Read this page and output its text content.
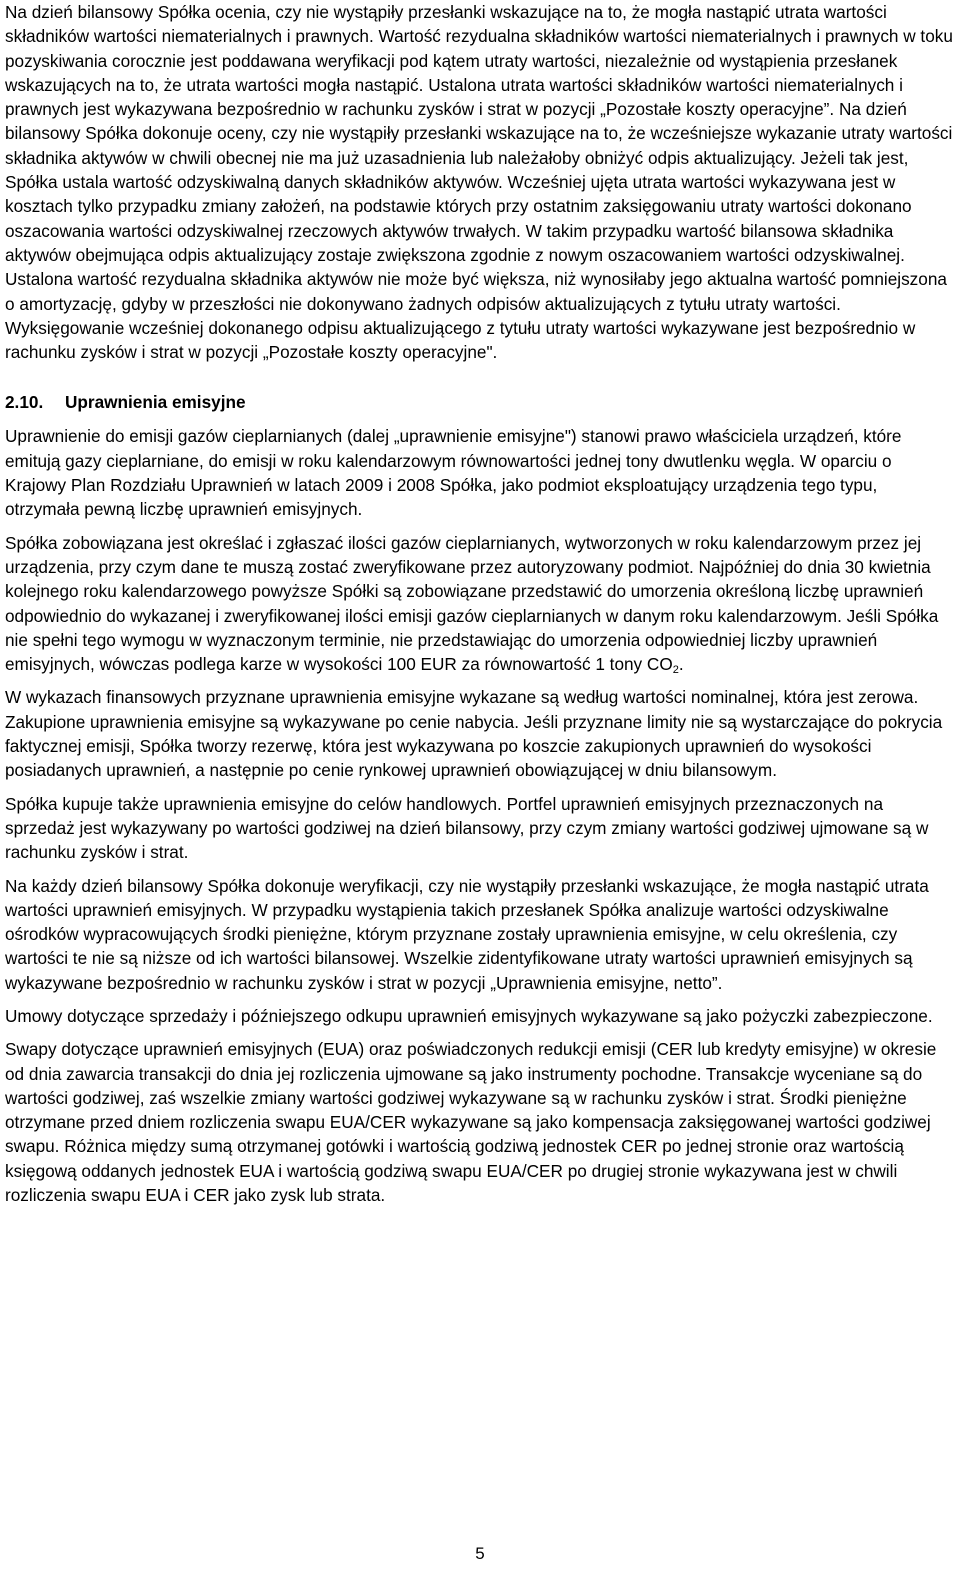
Na dzień bilansowy Spółka ocenia, czy nie wystąpiły przesłanki wskazujące na to, że mogła nastąpić utrata wartości składników wartości niematerialnych i prawnych. Wartość rezydualna składników wartości niematerialnych i prawnych w toku pozyskiwania corocznie jest poddawana weryfikacji pod kątem utraty wartości, niezależnie od wystąpienia przesłanek wskazujących na to, że utrata wartości mogła nastąpić. Ustalona utrata wartości składników wartości niematerialnych i prawnych jest wykazywana bezpośrednio w rachunku zysków i strat w pozycji „Pozostałe koszty operacyjne”. Na dzień bilansowy Spółka dokonuje oceny, czy nie wystąpiły przesłanki wskazujące na to, że wcześniejsze wykazanie utraty wartości składnika aktywów w chwili obecnej nie ma już uzasadnienia lub należałoby obniżyć odpis aktualizujący. Jeżeli tak jest, Spółka ustala wartość odzyskiwalną danych składników aktywów. Wcześniej ujęta utrata wartości wykazywana jest w kosztach tylko przypadku zmiany założeń, na podstawie których przy ostatnim zaksięgowaniu utraty wartości dokonano oszacowania wartości odzyskiwalnej rzeczowych aktywów trwałych. W takim przypadku wartość bilansowa składnika aktywów obejmująca odpis aktualizujący zostaje zwiększona zgodnie z nowym oszacowaniem wartości odzyskiwalnej. Ustalona wartość rezydualna składnika aktywów nie może być większa, niż wynosiłaby jego aktualna wartość pomniejszona o amortyzację, gdyby w przeszłości nie dokonywano żadnych odpisów aktualizujących z tytułu utraty wartości. Wyksięgowanie wcześniej dokonanego odpisu aktualizującego z tytułu utraty wartości wykazywane jest bezpośrednio w rachunku zysków i strat w pozycji „Pozostałe koszty operacyjne".

2.10.	Uprawnienia emisyjne

Uprawnienie do emisji gazów cieplarnianych (dalej „uprawnienie emisyjne") stanowi prawo właściciela urządzeń, które emitują gazy cieplarniane, do emisji w roku kalendarzowym równowartości jednej tony dwutlenku węgla. W oparciu o Krajowy Plan Rozdziału Uprawnień w latach 2009 i 2008 Spółka, jako podmiot eksploatujący urządzenia tego typu, otrzymała pewną liczbę uprawnień emisyjnych.

Spółka zobowiązana jest określać i zgłaszać ilości gazów cieplarnianych, wytworzonych w roku kalendarzowym przez jej urządzenia, przy czym dane te muszą zostać zweryfikowane przez autoryzowany podmiot. Najpóźniej do dnia 30 kwietnia kolejnego roku kalendarzowego powyższe Spółki są zobowiązane przedstawić do umorzenia określoną liczbę uprawnień odpowiednio do wykazanej i zweryfikowanej ilości emisji gazów cieplarnianych w danym roku kalendarzowym. Jeśli Spółka nie spełni tego wymogu w wyznaczonym terminie, nie przedstawiając do umorzenia odpowiedniej liczby uprawnień emisyjnych, wówczas podlega karze w wysokości 100 EUR za równowartość 1 tony $CO_2$.

W wykazach finansowych przyznane uprawnienia emisyjne wykazane są według wartości nominalnej, która jest zerowa. Zakupione uprawnienia emisyjne są wykazywane po cenie nabycia. Jeśli przyznane limity nie są wystarczające do pokrycia faktycznej emisji, Spółka tworzy rezerwę, która jest wykazywana po koszcie zakupionych uprawnień do wysokości posiadanych uprawnień, a następnie po cenie rynkowej uprawnień obowiązującej w dniu bilansowym.

Spółka kupuje także uprawnienia emisyjne do celów handlowych. Portfel uprawnień emisyjnych przeznaczonych na sprzedaż jest wykazywany po wartości godziwej na dzień bilansowy, przy czym zmiany wartości godziwej ujmowane są w rachunku zysków i strat.

Na każdy dzień bilansowy Spółka dokonuje weryfikacji, czy nie wystąpiły przesłanki wskazujące, że mogła nastąpić utrata wartości uprawnień emisyjnych. W przypadku wystąpienia takich przesłanek Spółka analizuje wartości odzyskiwalne ośrodków wypracowujących środki pieniężne, którym przyznane zostały uprawnienia emisyjne, w celu określenia, czy wartości te nie są niższe od ich wartości bilansowej. Wszelkie zidentyfikowane utraty wartości uprawnień emisyjnych są wykazywane bezpośrednio w rachunku zysków i strat w pozycji „Uprawnienia emisyjne, netto”.

Umowy dotyczące sprzedaży i późniejszego odkupu uprawnień emisyjnych wykazywane są jako pożyczki zabezpieczone.

Swapy dotyczące uprawnień emisyjnych (EUA) oraz poświadczonych redukcji emisji (CER lub kredyty emisyjne) w okresie od dnia zawarcia transakcji do dnia jej rozliczenia ujmowane są jako instrumenty pochodne. Transakcje wyceniane są do wartości godziwej, zaś wszelkie zmiany wartości godziwej wykazywane są w rachunku zysków i strat. Środki pieniężne otrzymane przed dniem rozliczenia swapu EUA/CER wykazywane są jako kompensacja zaksięgowanej wartości godziwej swapu. Różnica między sumą otrzymanej gotówki i wartością godziwą jednostek CER po jednej stronie oraz wartością księgową oddanych jednostek EUA i wartością godziwą swapu EUA/CER po drugiej stronie wykazywana jest w chwili rozliczenia swapu EUA i CER jako zysk lub strata.

5
